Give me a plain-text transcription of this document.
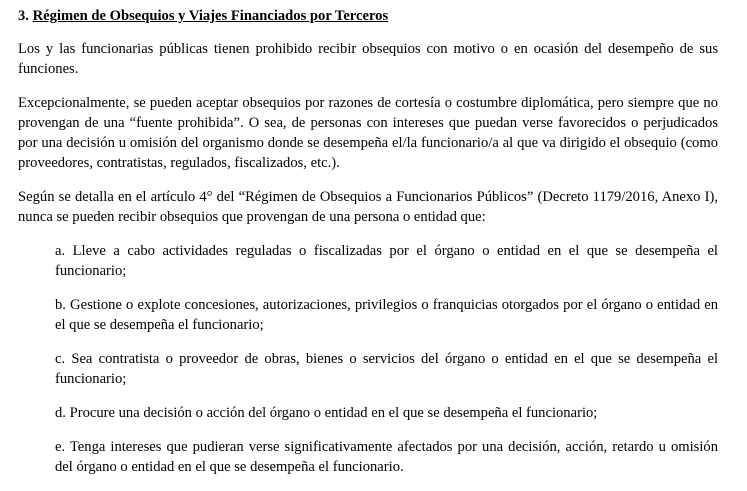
3. Régimen de Obsequios y Viajes Financiados por Terceros

Los y las funcionarias públicas tienen prohibido recibir obsequios con motivo o en ocasión del desempeño de sus funciones.

Excepcionalmente, se pueden aceptar obsequios por razones de cortesía o costumbre diplomática, pero siempre que no provengan de una “fuente prohibida”. O sea, de personas con intereses que puedan verse favorecidos o perjudicados por una decisión u omisión del organismo donde se desempeña el/la funcionario/a al que va dirigido el obsequio (como proveedores, contratistas, regulados, fiscalizados, etc.).

Según se detalla en el artículo 4° del “Régimen de Obsequios a Funcionarios Públicos” (Decreto 1179/2016, Anexo I), nunca se pueden recibir obsequios que provengan de una persona o entidad que:

a. Lleve a cabo actividades reguladas o fiscalizadas por el órgano o entidad en el que se desempeña el funcionario;
b. Gestione o explote concesiones, autorizaciones, privilegios o franquicias otorgados por el órgano o entidad en el que se desempeña el funcionario;
c. Sea contratista o proveedor de obras, bienes o servicios del órgano o entidad en el que se desempeña el funcionario;
d. Procure una decisión o acción del órgano o entidad en el que se desempeña el funcionario;
e. Tenga intereses que pudieran verse significativamente afectados por una decisión, acción, retardo u omisión del órgano o entidad en el que se desempeña el funcionario.
